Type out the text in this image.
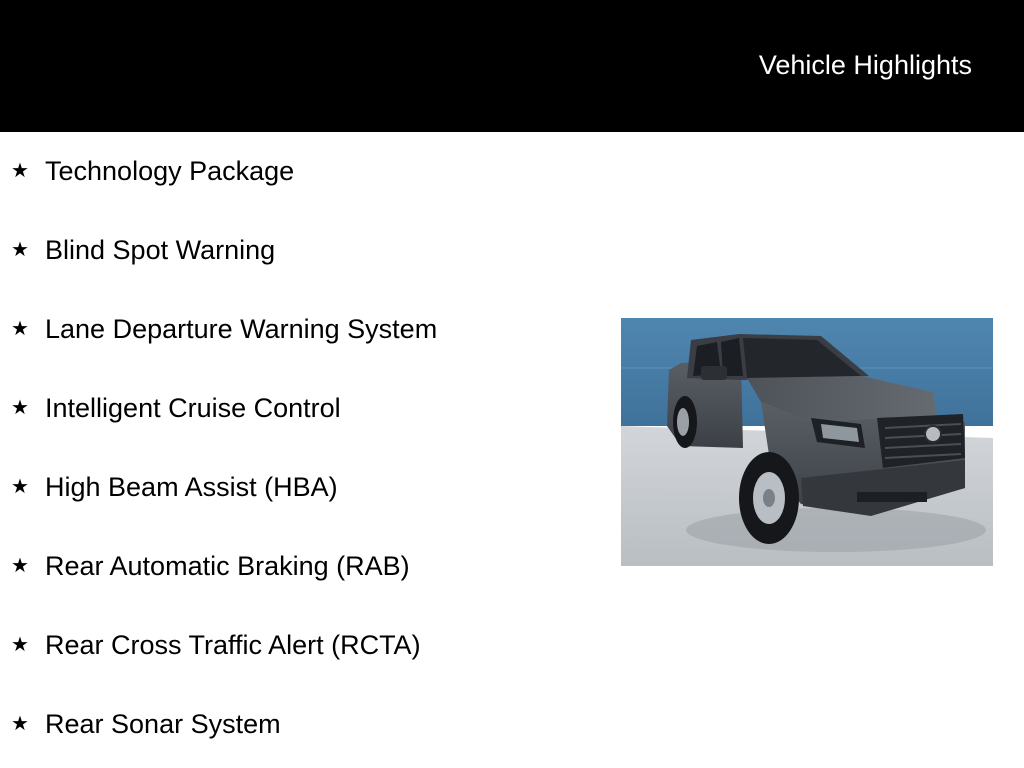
Vehicle Highlights
★ Technology Package
★ Blind Spot Warning
★ Lane Departure Warning System
★ Intelligent Cruise Control
★ High Beam Assist (HBA)
★ Rear Automatic Braking (RAB)
★ Rear Cross Traffic Alert (RCTA)
★ Rear Sonar System
